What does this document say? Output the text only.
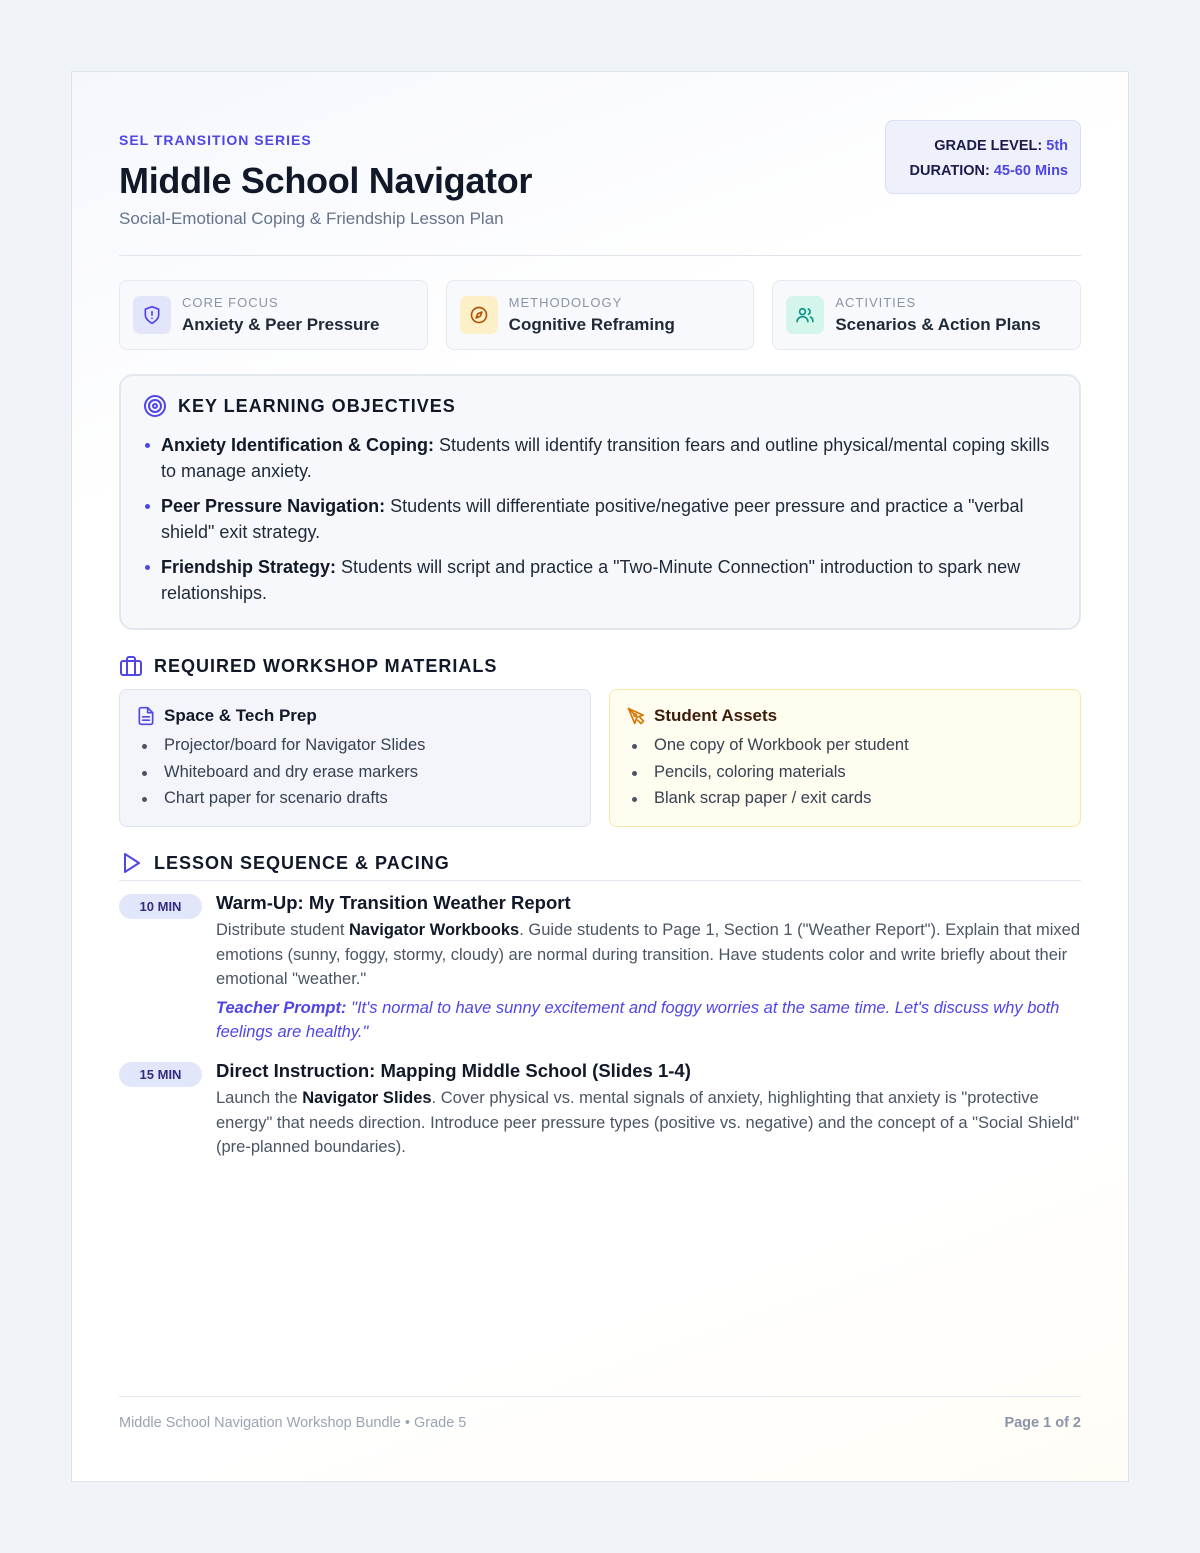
SEL TRANSITION SERIES
Middle School Navigator
Social-Emotional Coping & Friendship Lesson Plan
GRADE LEVEL: 5th
DURATION: 45-60 Mins
CORE FOCUS
Anxiety & Peer Pressure
METHODOLOGY
Cognitive Reframing
ACTIVITIES
Scenarios & Action Plans
KEY LEARNING OBJECTIVES
Anxiety Identification & Coping: Students will identify transition fears and outline physical/mental coping skills to manage anxiety.
Peer Pressure Navigation: Students will differentiate positive/negative peer pressure and practice a "verbal shield" exit strategy.
Friendship Strategy: Students will script and practice a "Two-Minute Connection" introduction to spark new relationships.
REQUIRED WORKSHOP MATERIALS
Space & Tech Prep
Projector/board for Navigator Slides
Whiteboard and dry erase markers
Chart paper for scenario drafts
Student Assets
One copy of Workbook per student
Pencils, coloring materials
Blank scrap paper / exit cards
LESSON SEQUENCE & PACING
10 MIN	Warm-Up: My Transition Weather Report
Distribute student Navigator Workbooks. Guide students to Page 1, Section 1 ("Weather Report"). Explain that mixed emotions (sunny, foggy, stormy, cloudy) are normal during transition. Have students color and write briefly about their emotional "weather."
Teacher Prompt: "It's normal to have sunny excitement and foggy worries at the same time. Let's discuss why both feelings are healthy."
15 MIN	Direct Instruction: Mapping Middle School (Slides 1-4)
Launch the Navigator Slides. Cover physical vs. mental signals of anxiety, highlighting that anxiety is "protective energy" that needs direction. Introduce peer pressure types (positive vs. negative) and the concept of a "Social Shield" (pre-planned boundaries).
Middle School Navigation Workshop Bundle • Grade 5	Page 1 of 2
